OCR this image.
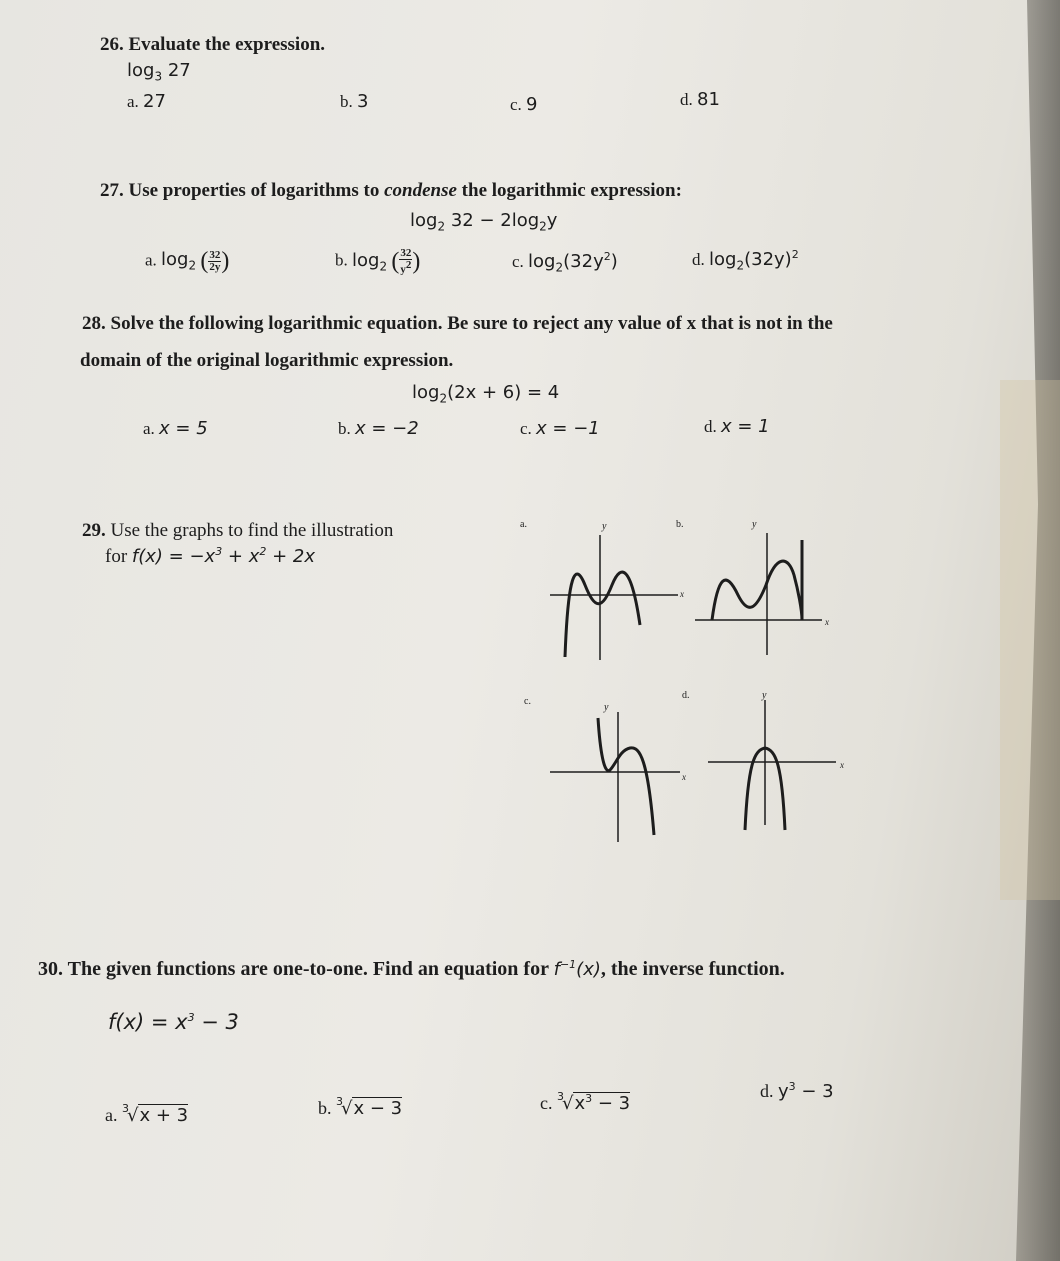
26. Evaluate the expression.
$\log_3 27$
a. 27	b. 3	c. 9	d. 81
27. Use properties of logarithms to condense the logarithmic expression:
$\log_2 32 - 2\log_2y$
a. $\log_2$ ( $\frac{32}{2y}$ )	b. $\log_2$ ( $\frac{32}{y^2}$ )	c. $\log_2(32y^2)$	d. $\log_2(32y)^2$
28. Solve the following logarithmic equation. Be sure to reject any value of x that is not in the
domain of the original logarithmic expression.
$\log_2(2x + 6) = 4$
a. x = 5	b. x = −2	c. x = −1	d. x = 1
29. Use the graphs to find the illustration
for $f(x) = -x^3 + x^2 + 2x$
a.	y
x
b.	y
x
c.
y
x
d.	y
x
30. The given functions are one-to-one. Find an equation for $f^{-1}(x)$, the inverse function.
$f(x) = x^3 - 3$
a. $^3$√x + 3	b. $^3$√x − 3	c. $^3√x^3 - 3$
d. $y^3 - 3$
